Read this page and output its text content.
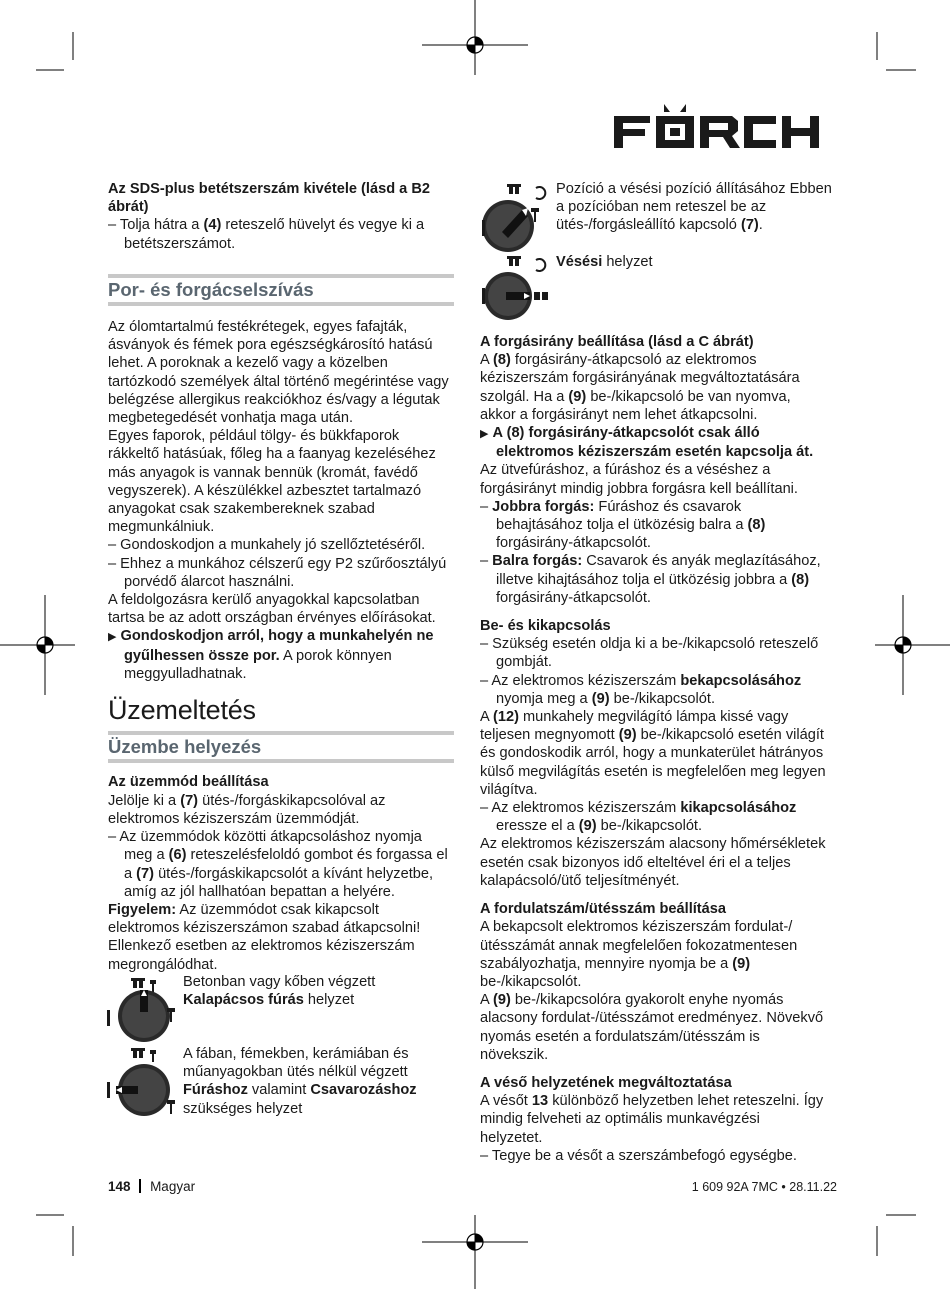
Az SDS-plus betétszerszám kivétele (lásd a B2 ábrát)

– Tolja hátra a (4) reteszelő hüvelyt és vegye ki a betétszerszámot.

Por- és forgácselszívás

Az ólomtartalmú festékrétegek, egyes fafajták, ásványok és fémek pora egészségkárosító hatású lehet. A poroknak a kezelő vagy a közelben tartózkodó személyek által történő megérintése vagy belégzése allergikus reakciókhoz és/vagy a légutak megbetegedését vonhatja maga után.

Egyes faporok, például tölgy- és bükkfaporok rákkeltő hatásúak, főleg ha a faanyag kezeléséhez más anyagok is vannak bennük (kromát, favédő vegyszerek). A készülékkel azbesztet tartalmazó anyagokat csak szakembereknek szabad megmunkálniuk.

– Gondoskodjon a munkahely jó szellőztetéséről.

– Ehhez a munkához célszerű egy P2 szűrőosztályú porvédő álarcot használni.

A feldolgozásra kerülő anyagokkal kapcsolatban tartsa be az adott országban érvényes előírásokat.

▶ Gondoskodjon arról, hogy a munkahelyén ne gyűlhessen össze por. A porok könnyen meggyulladhatnak.

Üzemeltetés
Üzembe helyezés

Az üzemmód beállítása

Jelölje ki a (7) ütés-/forgáskikapcsolóval az elektromos kéziszerszám üzemmódját.

– Az üzemmódok közötti átkapcsoláshoz nyomja meg a (6) reteszelésfeloldó gombot és forgassa el a (7) ütés-/forgáskikapcsolót a kívánt helyzetbe, amíg az jól hallhatóan bepattan a helyére.

Figyelem: Az üzemmódot csak kikapcsolt elektromos kéziszerszámon szabad átkapcsolni! Ellenkező esetben az elektromos kéziszerszám megrongálódhat.

Betonban vagy kőben végzett Kalapácsos fúrás helyzet
A fában, fémekben, kerámiában és műanyagokban ütés nélkül végzett Fúráshoz valamint Csavarozáshoz szükséges helyzet
Pozíció a vésési pozíció állításához Ebben a pozícióban nem reteszel be az ütés-/forgásleállító kapcsoló (7).
Vésési helyzet

A forgásirány beállítása (lásd a C ábrát)

A (8) forgásirány-átkapcsoló az elektromos kéziszerszám forgásirányának megváltoztatására szolgál. Ha a (9) be-/kikapcsoló be van nyomva, akkor a forgásirányt nem lehet átkapcsolni.

▶ A (8) forgásirány-átkapcsolót csak álló elektromos kéziszerszám esetén kapcsolja át.

Az ütvefúráshoz, a fúráshoz és a véséshez a forgásirányt mindig jobbra forgásra kell beállítani.

– Jobbra forgás: Fúráshoz és csavarok behajtásához tolja el ütközésig balra a (8) forgásirány-átkapcsolót.

– Balra forgás: Csavarok és anyák meglazításához, illetve kihajtásához tolja el ütközésig jobbra a (8) forgásirány-átkapcsolót.

Be- és kikapcsolás

– Szükség esetén oldja ki a be-/kikapcsoló reteszelő gombját.

– Az elektromos kéziszerszám bekapcsolásához nyomja meg a (9) be-/kikapcsolót.

A (12) munkahely megvilágító lámpa kissé vagy teljesen megnyomott (9) be-/kikapcsoló esetén világít és gondoskodik arról, hogy a munkaterület hátrányos külső megvilágítás esetén is megfelelően meg legyen világítva.

– Az elektromos kéziszerszám kikapcsolásához eressze el a (9) be-/kikapcsolót.

Az elektromos kéziszerszám alacsony hőmérsékletek esetén csak bizonyos idő elteltével éri el a teljes kalapácsoló/ütő teljesítményét.

A fordulatszám/ütésszám beállítása

A bekapcsolt elektromos kéziszerszám fordulat-/ütésszámát annak megfelelően fokozatmentesen szabályozhatja, mennyire nyomja be a (9) be-/kikapcsolót.

A (9) be-/kikapcsolóra gyakorolt enyhe nyomás alacsony fordulat-/ütésszámot eredményez. Növekvő nyomás esetén a fordulatszám/ütésszám is növekszik.

A véső helyzetének megváltoztatása

A vésőt 13 különböző helyzetben lehet reteszelni. Így mindig felveheti az optimális munkavégzési helyzetet.

– Tegye be a vésőt a szerszámbefogó egységbe.

148 Magyar	1 609 92A 7MC • 28.11.22
